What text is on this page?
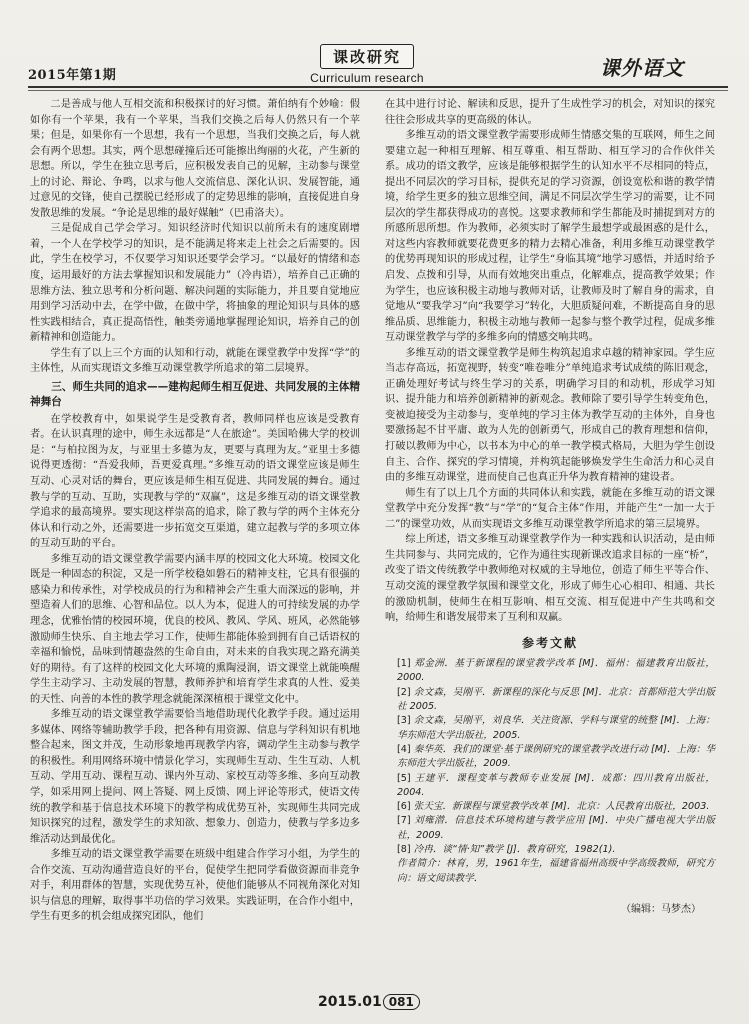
2015年第1期
课改研究
Curriculum research	课外语文

二是善成与他人互相交流和积极探讨的好习惯。萧伯纳有个妙喻：假如你有一个苹果，我有一个苹果，当我们交换之后每人仍然只有一个苹果；但是，如果你有一个思想，我有一个思想，当我们交换之后，每人就会有两个思想。其实，两个思想碰撞后还可能擦出绚丽的火花，产生新的思想。所以，学生在独立思考后，应积极发表自己的见解，主动参与课堂上的讨论、辩论、争鸣，以求与他人交流信息、深化认识、发展智能，通过意见的交锋，使自己摆脱已经形成了的定势思维的影响，直接促进自身发散思维的发展。“争论是思维的最好媒触”（巴甫洛夫）。

三是促成自己学会学习。知识经济时代知识以前所未有的速度剧增着，一个人在学校学习的知识，是不能满足将来走上社会之后需要的。因此，学生在校学习，不仅要学习知识还要学会学习。“以最好的情绪和态度，运用最好的方法去掌握知识和发展能力”（冷冉语），培养自己正确的思维方法、独立思考和分析问题、解决问题的实际能力，并且要自觉地应用到学习活动中去，在学中做，在做中学，将抽象的理论知识与具体的感性实践相结合，真正提高悟性，触类旁通地掌握理论知识，培养自己的创新精神和创造能力。

学生有了以上三个方面的认知和行动，就能在课堂教学中发挥“学”的主体性，从而实现语文多维互动课堂教学所追求的第二层境界。

三、师生共同的追求——建构起师生相互促进、共同发展的主体精神舞台

在学校教育中，如果说学生是受教育者，教师同样也应该是受教育者。在认识真理的途中，师生永远都是“人在旅途”。美国哈佛大学的校训是：“与柏拉图为友，与亚里士多德为友，更要与真理为友。”亚里士多德说得更透彻：“吾爱我师，吾更爱真理。”多维互动的语文课堂应该是师生互动、心灵对话的舞台，更应该是师生相互促进、共同发展的舞台。通过教与学的互动、互助，实现教与学的“双赢”，这是多维互动的语文课堂教学追求的最高境界。要实现这样崇高的追求，除了教与学的两个主体充分体认和行动之外，还需要进一步拓宽交互渠道，建立起教与学的多项立体的互动互助的平台。

多维互动的语文课堂教学需要内涵丰厚的校园文化大环境。校园文化既是一种固态的积淀，又是一所学校稳如磐石的精神支柱，它具有很强的感染力和传承性，对学校成员的行为和精神会产生重大而深远的影响，并塑造着人们的思维、心智和品位。以人为本，促进人的可持续发展的办学理念，优雅怡情的校园环境，优良的校风、教风、学风、班风，必然能够激励师生快乐、自主地去学习工作，使师生都能体验到拥有自己话语权的幸福和愉悦，品味到情趣盎然的生命自由，对未来的自我实现之路充满美好的期待。有了这样的校园文化大环境的熏陶浸润，语文课堂上就能唤醒学生主动学习、主动发展的智慧，教师养护和培育学生求真的人性、爱美的天性、向善的本性的教学理念就能深深植根于课堂文化中。

多维互动的语文课堂教学需要恰当地借助现代化教学手段。通过运用多媒体、网络等辅助教学手段，把各种有用资源、信息与学科知识有机地整合起来，图文并茂，生动形象地再现教学内容，调动学生主动参与教学的积极性。利用网络环境中情景化学习，实现师生互动、生生互动、人机互动、学用互动、课程互动、课内外互动、家校互动等多维、多向互动教学，如采用网上提问、网上答疑、网上反馈、网上评论等形式，使语文传统的教学和基于信息技术环境下的教学构成优势互补，实现师生共同完成知识探究的过程，激发学生的求知欲、想象力、创造力，使教与学多边多维活动达到最优化。

多维互动的语文课堂教学需要在班级中组建合作学习小组，为学生的合作交流、互动沟通营造良好的平台，促使学生把同学看做资源而非竞争对手，利用群体的智慧，实现优势互补，使他们能够从不同视角深化对知识与信息的理解，取得事半功倍的学习效果。实践证明，在合作小组中，学生有更多的机会组成探究团队，他们

在其中进行讨论、解读和反思，提升了生成性学习的机会，对知识的探究往往会形成共享的更高级的体认。

多维互动的语文课堂教学需要形成师生情感交集的互联网，师生之间要建立起一种相互理解、相互尊重、相互帮助、相互学习的合作伙伴关系。成功的语文教学，应该是能够根据学生的认知水平不尽相同的特点，提出不同层次的学习目标，提供充足的学习资源，创设宽松和谐的教学情境，给学生更多的独立思维空间，满足不同层次学生学习的需要，让不同层次的学生都获得成功的喜悦。这要求教师和学生都能及时捕捉到对方的所感所思所想。作为教师，必须实时了解学生最想学或最困惑的是什么，对这些内容教师就要花费更多的精力去精心准备，利用多维互动课堂教学的优势再现知识的形成过程，让学生“身临其境”地学习感悟，并适时给予启发、点拨和引导，从而有效地突出重点，化解难点，提高教学效果；作为学生，也应该积极主动地与教师对话，让教师及时了解自身的需求，自觉地从“要我学习”向“我要学习”转化，大胆质疑问难，不断提高自身的思维品质、思维能力，积极主动地与教师一起参与整个教学过程，促成多维互动课堂教学与学的多维多向的情感交响共鸣。

多维互动的语文课堂教学是师生构筑起追求卓越的精神家园。学生应当志存高远，拓宽视野，转变“唯卷唯分”单纯追求考试成绩的陈旧观念，正确处理好考试与终生学习的关系，明确学习目的和动机，形成学习知识、提升能力和培养创新精神的新观念。教师除了要引导学生转变角色，变被迫接受为主动参与，变单纯的学习主体为教学互动的主体外，自身也要激扬起不甘平庸、敢为人先的创新勇气，形成自己的教育理想和信仰，打破以教师为中心，以书本为中心的单一教学模式格局，大胆为学生创设自主、合作、探究的学习情境，并构筑起能够焕发学生生命活力和心灵自由的多维互动课堂，进而使自己也真正升华为教育精神的建设者。

师生有了以上几个方面的共同体认和实践，就能在多维互动的语文课堂教学中充分发挥“教”与“学”的“复合主体”作用，并能产生“一加一大于二”的课堂功效，从而实现语文多维互动课堂教学所追求的第三层境界。

综上所述，语文多维互动课堂教学作为一种实践和认识活动，是由师生共同参与、共同完成的，它作为通往实现新课改追求目标的一座“桥”，改变了语文传统教学中教师绝对权威的主导地位，创造了师生平等合作、互动交流的课堂教学氛围和课堂文化，形成了师生心心相印、相通、共长的激励机制，使师生在相互影响、相互交流、相互促进中产生共鸣和交响，给师生和谐发展带来了互利和双赢。

参考文献
[1] 郑金洲．基于新课程的课堂教学改革 [M]．福州：福建教育出版社，2000.
[2] 余文森，吴刚平．新课程的深化与反思 [M]．北京：首都师范大学出版社 2005.
[3] 余文森，吴刚平，刘良华．关注资源、学科与课堂的统整 [M]．上海：华东师范大学出版社，2005.
[4] 秦华英．我们的课堂·基于课例研究的课堂教学改进行动 [M]．上海：华东师范大学出版社，2009.
[5] 王建平．课程变革与教师专业发展 [M]．成都：四川教育出版社，2004.
[6] 张天宝．新课程与课堂教学改革 [M]．北京：人民教育出版社，2003.
[7] 刘雍潜．信息技术环境构建与教学应用 [M]．中央广播电视大学出版社，2009.
[8] 冷冉．谈“情·知”教学 [J]．教育研究，1982(1).
作者简介：林育，男，1961年生，福建省福州高级中学高级教师，研究方向：语文阅读教学．
（编辑：马梦杰）
2015.01 081
